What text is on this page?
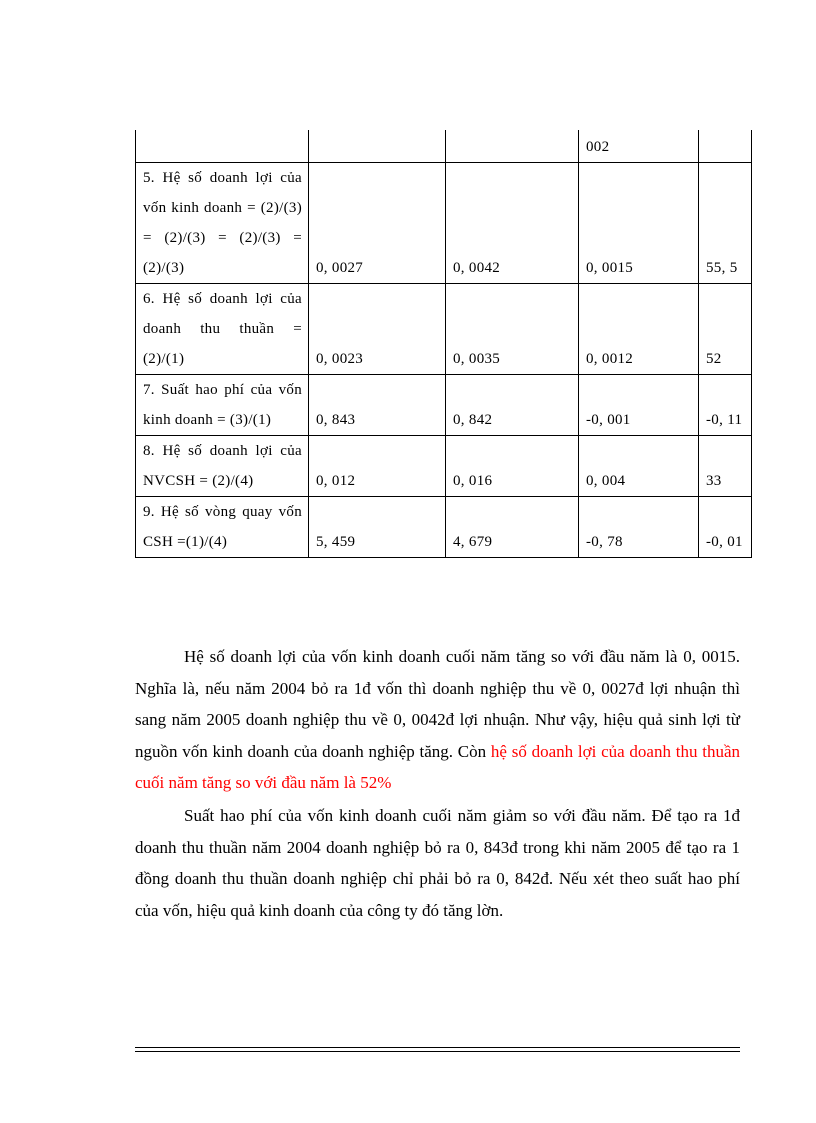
			002	
5. Hệ số doanh lợi của vốn kinh doanh = (2)/(3) = (2)/(3) = (2)/(3) = (2)/(3)	0, 0027	0, 0042	0, 0015	55, 5
6. Hệ số doanh lợi của doanh thu thuần = (2)/(1)	0, 0023	0, 0035	0, 0012	52
7. Suất hao phí của vốn kinh doanh = (3)/(1)	0, 843	0, 842	-0, 001	-0, 11
8. Hệ số doanh lợi của NVCSH = (2)/(4)	0, 012	0, 016	0, 004	33
9. Hệ số vòng quay vốn CSH =(1)/(4)	5, 459	4, 679	-0, 78	-0, 01
Hệ số doanh lợi của vốn kinh doanh cuối năm tăng so với đầu năm là 0, 0015. Nghĩa là, nếu năm 2004 bỏ ra 1đ vốn thì doanh nghiệp thu về 0, 0027đ lợi nhuận thì sang năm 2005 doanh nghiệp thu về 0, 0042đ lợi nhuận. Như vậy, hiệu quả sinh lợi từ nguồn vốn kinh doanh của doanh nghiệp tăng. Còn hệ số doanh lợi của doanh thu thuần cuối năm tăng so với đầu năm là 52%
Suất hao phí của vốn kinh doanh cuối năm giảm so với đầu năm. Để tạo ra 1đ doanh thu thuần năm 2004 doanh nghiệp bỏ ra 0, 843đ trong khi năm 2005 để tạo ra 1 đồng doanh thu thuần doanh nghiệp chỉ phải bỏ ra 0, 842đ. Nếu xét theo suất hao phí của vốn, hiệu quả kinh doanh của công ty đó tăng lờn.
